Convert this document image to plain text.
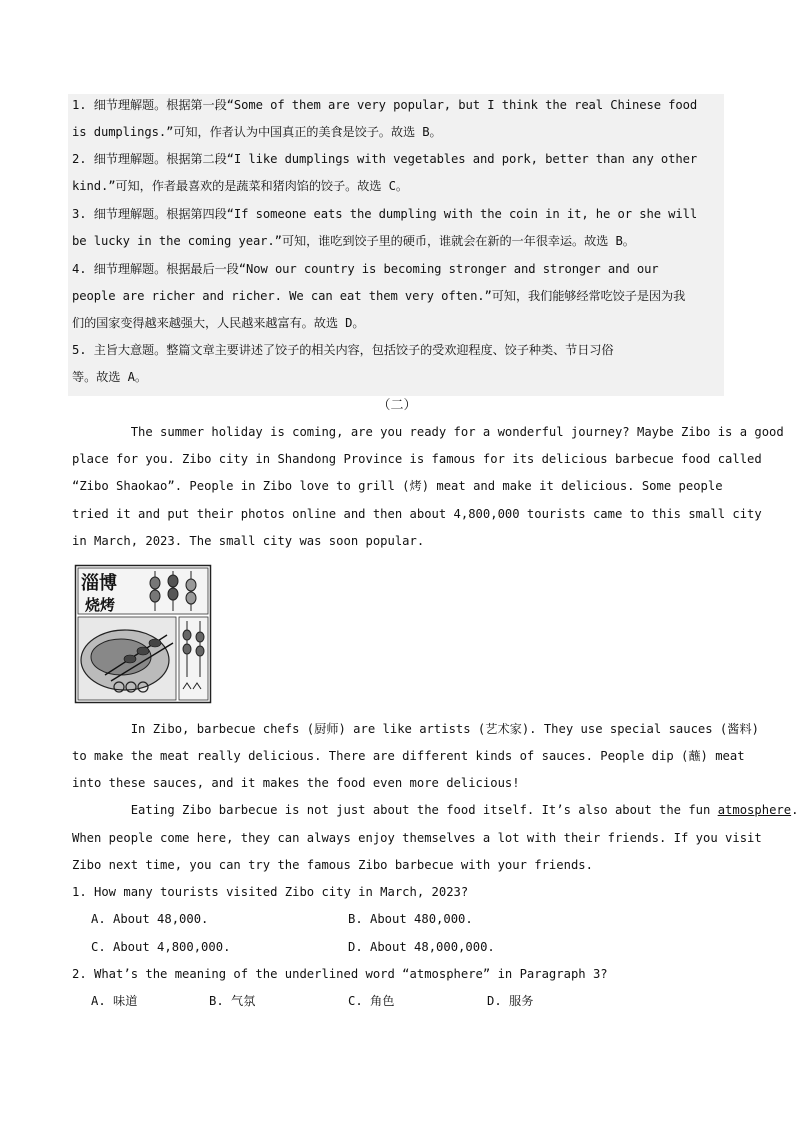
1. 细节理解题。根据第一段“Some of them are very popular, but I think the real Chinese food
is dumplings.”可知，作者认为中国真正的美食是饺子。故选 B。
2. 细节理解题。根据第二段“I like dumplings with vegetables and pork, better than any other
kind.”可知，作者最喜欢的是蔬菜和猪肉馅的饺子。故选 C。
3. 细节理解题。根据第四段“If someone eats the dumpling with the coin in it, he or she will
be lucky in the coming year.”可知，谁吃到饺子里的硬币，谁就会在新的一年很幸运。故选 B。
4. 细节理解题。根据最后一段“Now our country is becoming stronger and stronger and our
people are richer and richer. We can eat them very often.”可知，我们能够经常吃饺子是因为我
们的国家变得越来越强大，人民越来越富有。故选 D。
5. 主旨大意题。整篇文章主要讲述了饺子的相关内容，包括饺子的受欢迎程度、饺子种类、节日习俗
等。故选 A。
（二）
The summer holiday is coming, are you ready for a wonderful journey? Maybe Zibo is a good
place for you. Zibo city in Shandong Province is famous for its delicious barbecue food called
“Zibo Shaokao”. People in Zibo love to grill (烤) meat and make it delicious. Some people
tried it and put their photos online and then about 4,800,000 tourists came to this small city
in March, 2023. The small city was soon popular.
淄博
烧烤
In Zibo, barbecue chefs (厨师) are like artists (艺术家). They use special sauces (酱料)
to make the meat really delicious. There are different kinds of sauces. People dip (蘸) meat
into these sauces, and it makes the food even more delicious!
Eating Zibo barbecue is not just about the food itself. It’s also about the fun atmosphere.
When people come here, they can always enjoy themselves a lot with their friends. If you visit
Zibo next time, you can try the famous Zibo barbecue with your friends.
1. How many tourists visited Zibo city in March, 2023?
A. About 48,000.	B. About 480,000.
C. About 4,800,000.	D. About 48,000,000.
2. What’s the meaning of the underlined word “atmosphere” in Paragraph 3?
A. 味道	B. 气氛	C. 角色	D. 服务
